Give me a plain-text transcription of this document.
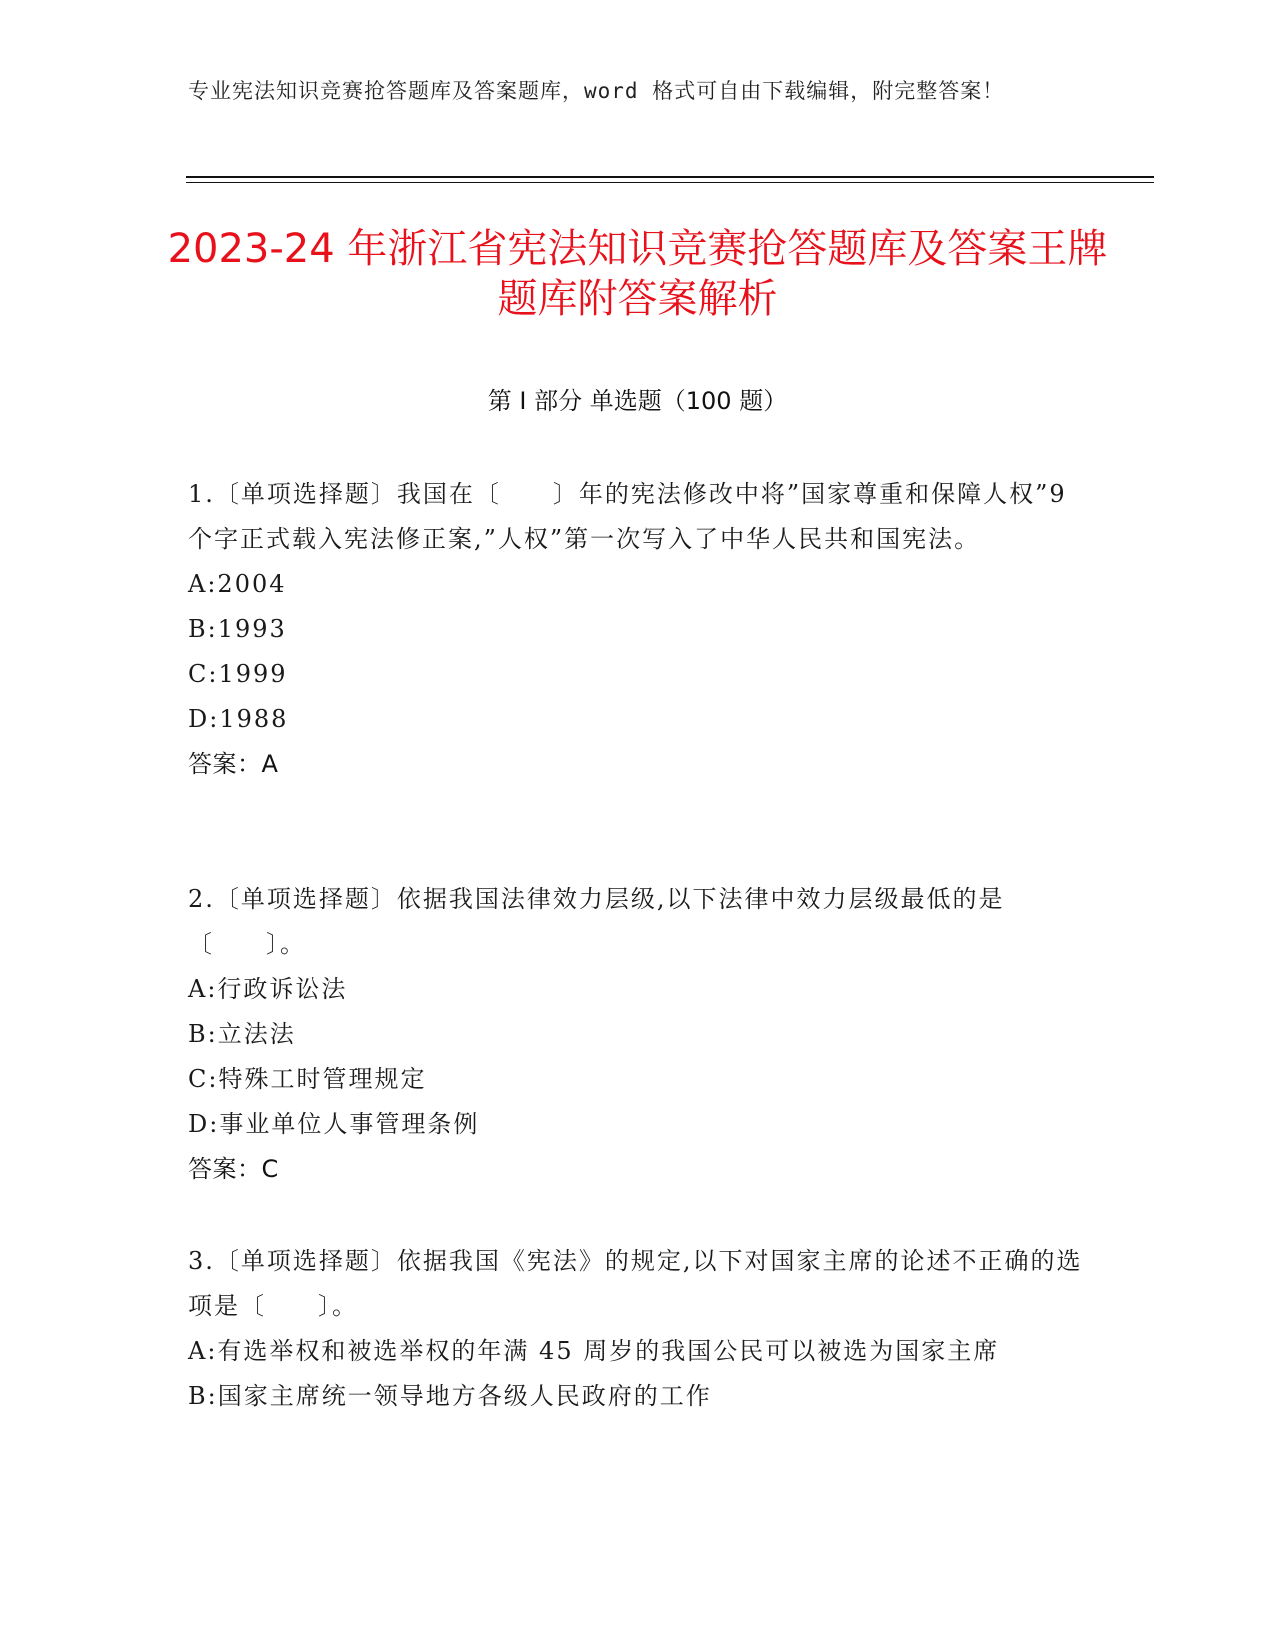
专业宪法知识竞赛抢答题库及答案题库，word 格式可自由下载编辑，附完整答案！
2023-24 年浙江省宪法知识竞赛抢答题库及答案王牌题库附答案解析
第 I 部分 单选题（100 题）

1.〔单项选择题〕我国在〔　　〕年的宪法修改中将”国家尊重和保障人权”9 个字正式载入宪法修正案,”人权”第一次写入了中华人民共和国宪法。

A:2004

B:1993

C:1999

D:1988

答案：A

2.〔单项选择题〕依据我国法律效力层级,以下法律中效力层级最低的是〔　　〕。

A:行政诉讼法

B:立法法

C:特殊工时管理规定

D:事业单位人事管理条例

答案：C

3.〔单项选择题〕依据我国《宪法》的规定,以下对国家主席的论述不正确的选项是〔　　〕。

A:有选举权和被选举权的年满 45 周岁的我国公民可以被选为国家主席

B:国家主席统一领导地方各级人民政府的工作
